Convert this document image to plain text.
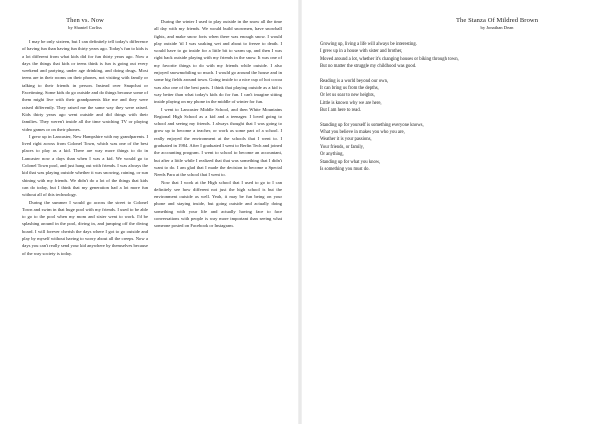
Then vs. Now

by Shantel Corliss

I may be only sixteen, but I can definitely tell today's difference of having fun than having fun thirty years ago. Today's fun to kids is a lot different from what kids did for fun thirty years ago. Now a days the things that kids or teens think is fun is going out every weekend and partying, under age drinking, and doing drugs. Most teens are in their rooms on their phones, not visiting with family or talking to their friends in person. Instead over Snapchat or Facetiming. Some kids do go outside and do things because some of them might live with their grandparents like me and they were raised differently. They raised me the same way they were raised. Kids thirty years ago went outside and did things with their families. They weren't inside all the time watching TV or playing video games or on their phones.

I grew up in Lancaster, New Hampshire with my grandparents. I lived right across from Colonel Town, which was one of the best places to play as a kid. There are way more things to do in Lancaster now a days than when I was a kid. We would go to Colonel Town pool, and just hang out with friends. I was always the kid that was playing outside whether it was snowing, raining, or sun shining with my friends. We didn't do a lot of the things that kids can do today, but I think that my generation had a lot more fun without all of this technology.

During the summer I would go across the street to Colonel Town and swim in that huge pool with my friends. I used to be able to go to the pool when my mom and sister went to work. I'd be splashing around in the pool, diving in, and jumping off the diving board. I will forever cherish the days where I got to go outside and play by myself without having to worry about all the creeps. Now a days you can't really send your kid anywhere by themselves because of the way society is today.

During the winter I used to play outside in the snow all the time all day with my friends. We would build snowmen, have snowball fights, and make snow forts when there was enough snow. I would play outside 'til I was soaking wet and about to freeze to death. I would have to go inside for a little bit to warm up, and then I was right back outside playing with my friends in the snow. It was one of my favorite things to do with my friends while outside. I also enjoyed snowmobiling so much. I would go around the house and in some big fields around town. Going inside to a nice cup of hot cocoa was also one of the best parts. I think that playing outside as a kid is way better than what today's kids do for fun. I can't imagine sitting inside playing on my phone in the middle of winter for fun.

I went to Lancaster Middle School, and then White Mountains Regional High School as a kid and a teenager. I loved going to school and seeing my friends. I always thought that I was going to grow up to become a teacher, or work as some part of a school. I really enjoyed the environment at the schools that I went to. I graduated in 1984. After I graduated I went to Berlin Tech and joined the accounting program. I went to school to become an accountant, but after a little while I realized that that was something that I didn't want to do. I am glad that I made the decision to become a Special Needs Para at the school that I went to.

Now that I work at the High school that I used to go to I can definitely see how different not just the high school is but the environment outside as well. Yeah, it may be fun being on your phone and staying inside, but going outside and actually doing something with your life and actually having face to face conversations with people is way more important than seeing what someone posted on Facebook or Instagram.

The Stanza Of Mildred Brown

by Jonathan Dean

Growing up, living a life will always be interesting.
I grew up in a house with sister and brother,
Moved around a lot, whether it's changing houses or biking through town,
But no matter the struggle my childhood was good.
Reading is a world beyond our own,
It can bring us from the depths,
Or let us soar to new heights,
Little is known why we are here,
But I am here to read.
Standing up for yourself is something everyone knows,
What you believe in makes you who you are,
Weather it is your passions,
Your friends, or family,
Or anything,
Standing up for what you know,
Is something you must do.
